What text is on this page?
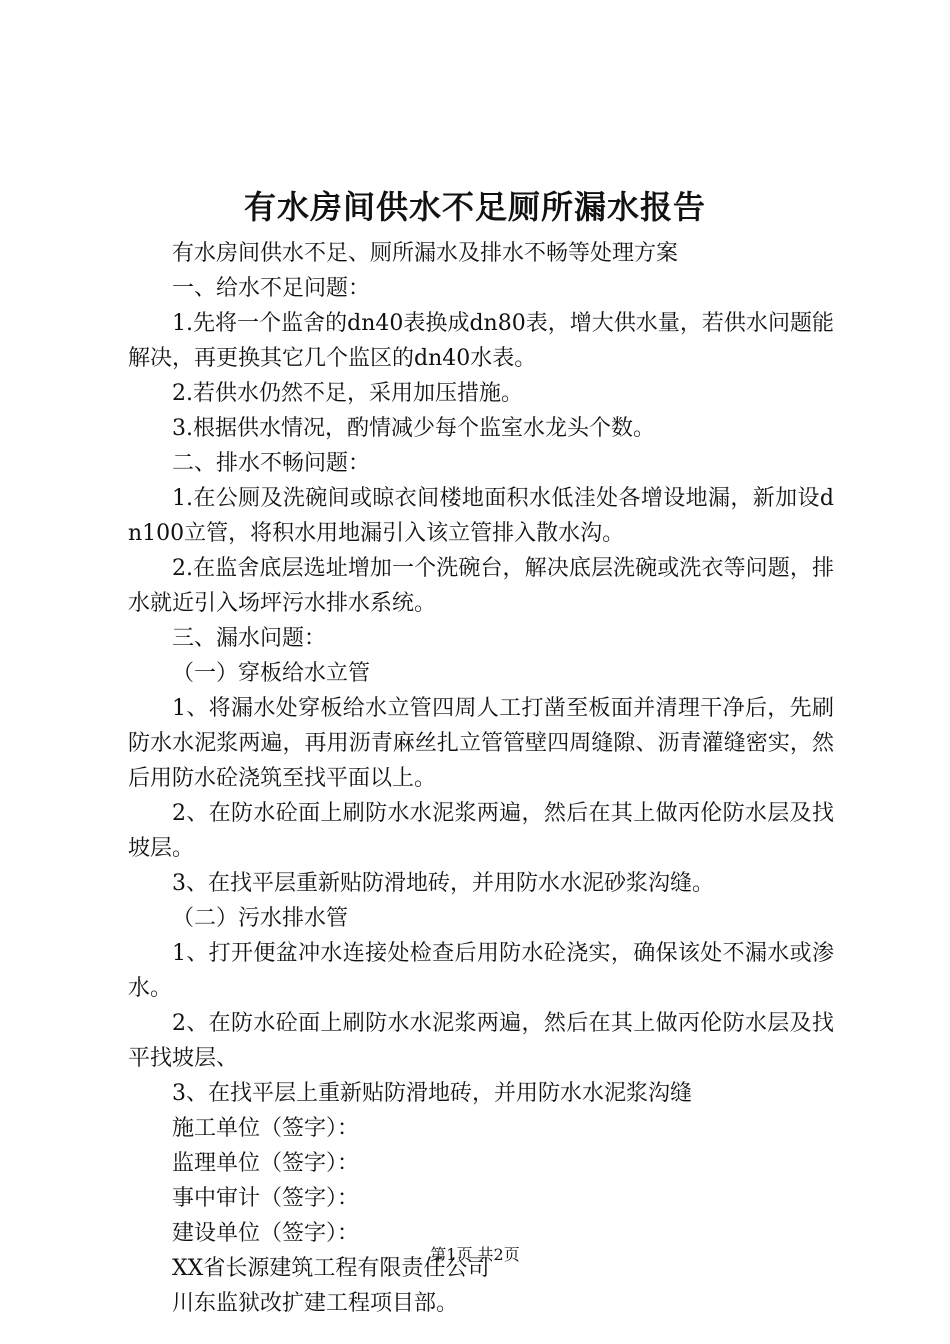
有水房间供水不足厕所漏水报告

有水房间供水不足、厕所漏水及排水不畅等处理方案

一、给水不足问题：

1.先将一个监舍的dn40表换成dn80表，增大供水量，若供水问题能解决，再更换其它几个监区的dn40水表。

2.若供水仍然不足，采用加压措施。

3.根据供水情况，酌情减少每个监室水龙头个数。

二、排水不畅问题：

1.在公厕及洗碗间或晾衣间楼地面积水低洼处各增设地漏，新加设dn100立管，将积水用地漏引入该立管排入散水沟。

2.在监舍底层选址增加一个洗碗台，解决底层洗碗或洗衣等问题，排水就近引入场坪污水排水系统。

三、漏水问题：

（一）穿板给水立管

1、将漏水处穿板给水立管四周人工打凿至板面并清理干净后，先刷防水水泥浆两遍，再用沥青麻丝扎立管管壁四周缝隙、沥青灌缝密实，然后用防水砼浇筑至找平面以上。

2、在防水砼面上刷防水水泥浆两遍，然后在其上做丙伦防水层及找坡层。

3、在找平层重新贴防滑地砖，并用防水水泥砂浆沟缝。

（二）污水排水管

1、打开便盆冲水连接处检查后用防水砼浇实，确保该处不漏水或渗水。

2、在防水砼面上刷防水水泥浆两遍，然后在其上做丙伦防水层及找平找坡层、

3、在找平层上重新贴防滑地砖，并用防水水泥浆沟缝

施工单位（签字）：

监理单位（签字）：

事中审计（签字）：

建设单位（签字）：

XX省长源建筑工程有限责任公司

川东监狱改扩建工程项目部。

第1页 共2页
